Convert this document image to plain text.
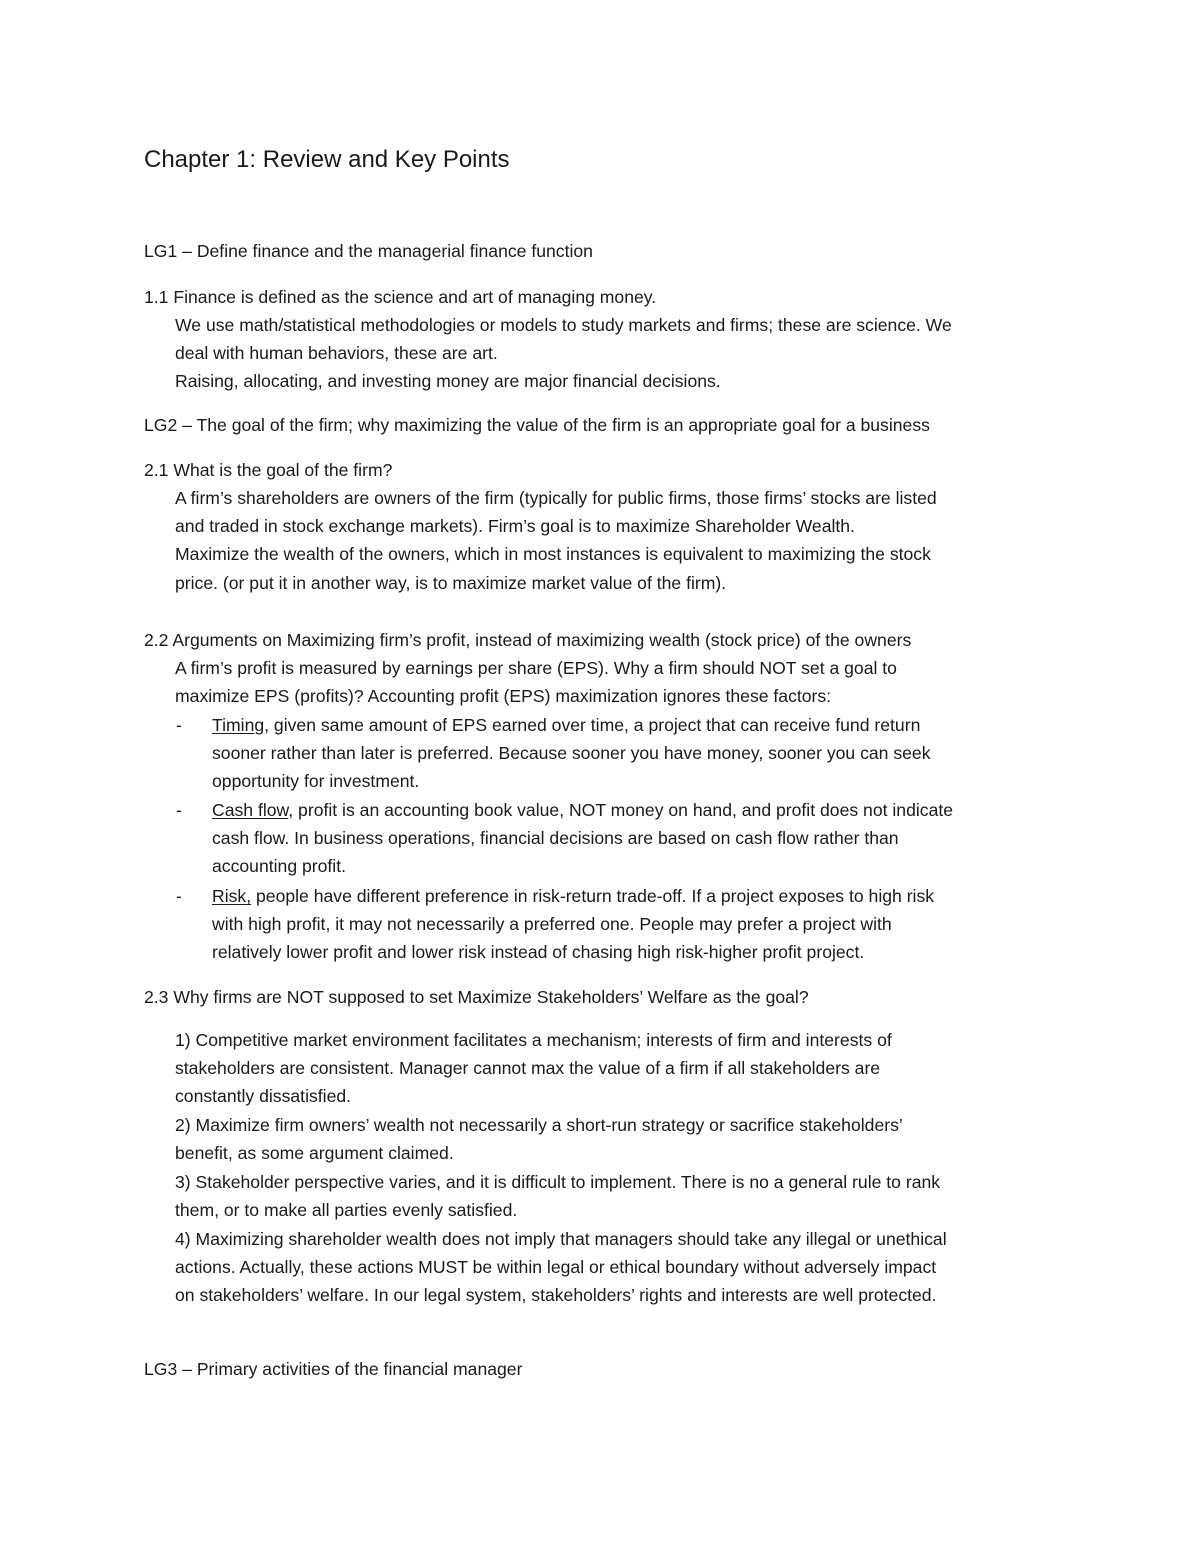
Chapter 1: Review and Key Points
LG1 – Define finance and the managerial finance function
1.1 Finance is defined as the science and art of managing money.
We use math/statistical methodologies or models to study markets and firms; these are science. We
deal with human behaviors, these are art.
Raising, allocating, and investing money are major financial decisions.
LG2 – The goal of the firm; why maximizing the value of the firm is an appropriate goal for a business
2.1 What is the goal of the firm?
A firm’s shareholders are owners of the firm (typically for public firms, those firms’ stocks are listed
and traded in stock exchange markets). Firm’s goal is to maximize Shareholder Wealth.
Maximize the wealth of the owners, which in most instances is equivalent to maximizing the stock
price. (or put it in another way, is to maximize market value of the firm).
2.2 Arguments on Maximizing firm’s profit, instead of maximizing wealth (stock price) of the owners
A firm’s profit is measured by earnings per share (EPS). Why a firm should NOT set a goal to
maximize EPS (profits)? Accounting profit (EPS) maximization ignores these factors:
- Timing, given same amount of EPS earned over time, a project that can receive fund return
sooner rather than later is preferred. Because sooner you have money, sooner you can seek
opportunity for investment.
- Cash flow, profit is an accounting book value, NOT money on hand, and profit does not indicate
cash flow. In business operations, financial decisions are based on cash flow rather than
accounting profit.
- Risk, people have different preference in risk-return trade-off. If a project exposes to high risk
with high profit, it may not necessarily a preferred one. People may prefer a project with
relatively lower profit and lower risk instead of chasing high risk-higher profit project.
2.3 Why firms are NOT supposed to set Maximize Stakeholders’ Welfare as the goal?
1) Competitive market environment facilitates a mechanism; interests of firm and interests of
stakeholders are consistent. Manager cannot max the value of a firm if all stakeholders are
constantly dissatisfied.
2) Maximize firm owners’ wealth not necessarily a short-run strategy or sacrifice stakeholders’
benefit, as some argument claimed.
3) Stakeholder perspective varies, and it is difficult to implement. There is no a general rule to rank
them, or to make all parties evenly satisfied.
4) Maximizing shareholder wealth does not imply that managers should take any illegal or unethical
actions. Actually, these actions MUST be within legal or ethical boundary without adversely impact
on stakeholders’ welfare. In our legal system, stakeholders’ rights and interests are well protected.
LG3 – Primary activities of the financial manager
